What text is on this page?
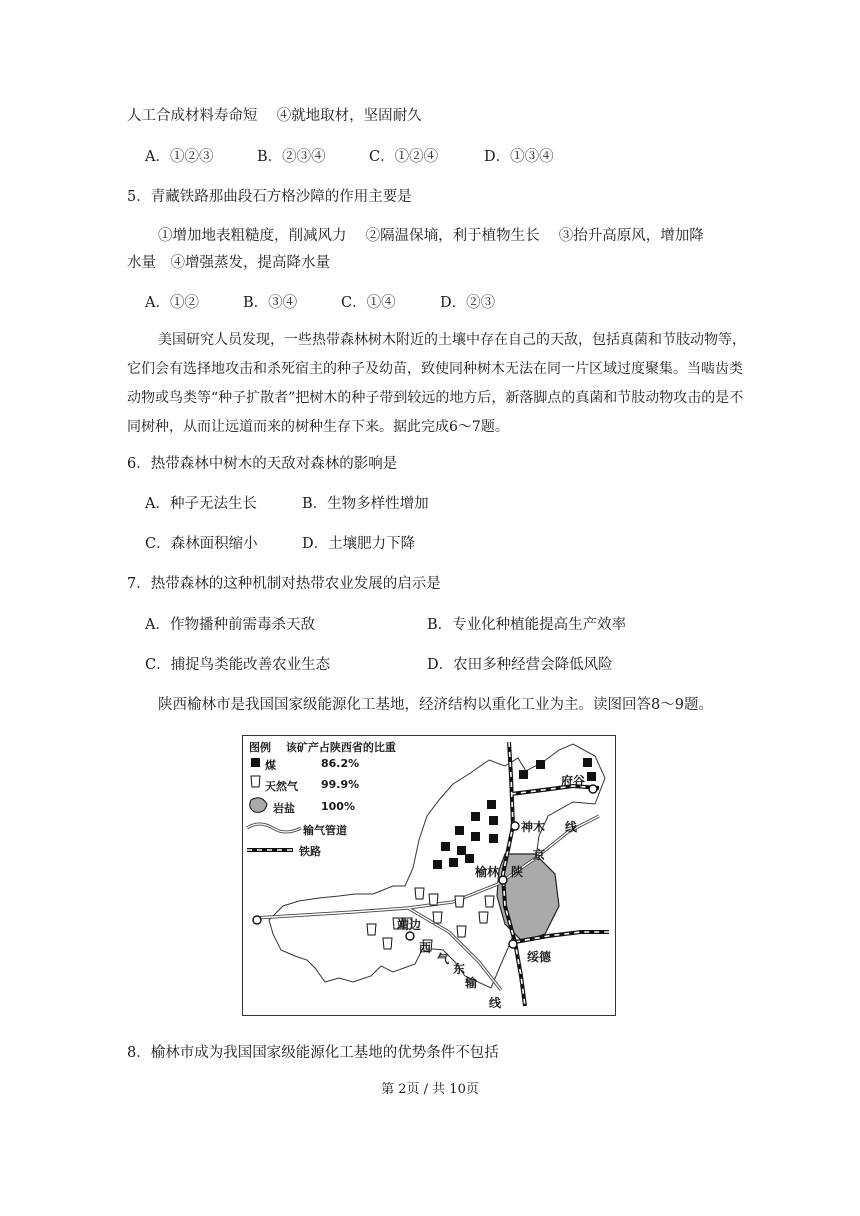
人工合成材料寿命短　 ④就地取材，坚固耐久
A．①②③	B．②③④	C．①②④	D．①③④
5．青藏铁路那曲段石方格沙障的作用主要是
①增加地表粗糙度，削减风力　 ②隔温保墒，利于植物生长　 ③抬升高原风，增加降
水量　④增强蒸发，提高降水量
A．①②	B．③④	C．①④	D．②③
美国研究人员发现，一些热带森林树木附近的土壤中存在自己的天敌，包括真菌和节肢动物等，它们会有选择地攻击和杀死宿主的种子及幼苗，致使同种树木无法在同一片区域过度聚集。当啮齿类动物或鸟类等“种子扩散者”把树木的种子带到较远的地方后，新落脚点的真菌和节肢动物攻击的是不同树种，从而让远道而来的树种生存下来。据此完成6～7题。
6．热带森林中树木的天敌对森林的影响是
A．种子无法生长	B．生物多样性增加
C．森林面积缩小	D．土壤肥力下降
7．热带森林的这种机制对热带农业发展的启示是
A．作物播种前需毒杀天敌	B．专业化种植能提高生产效率
C．捕捉鸟类能改善农业生态	D．农田多种经营会降低风险
陕西榆林市是我国国家级能源化工基地，经济结构以重化工业为主。读图回答8～9题。
图例　 该矿产占陕西省的比重
煤	86.2%
天然气 99.9%
岩盐 100%
输气管道
铁路
府谷
神木 线
京
榆林 陕
靖边
西
气
东
输
线
绥德
8．榆林市成为我国国家级能源化工基地的优势条件不包括
第 2页 / 共 10页
